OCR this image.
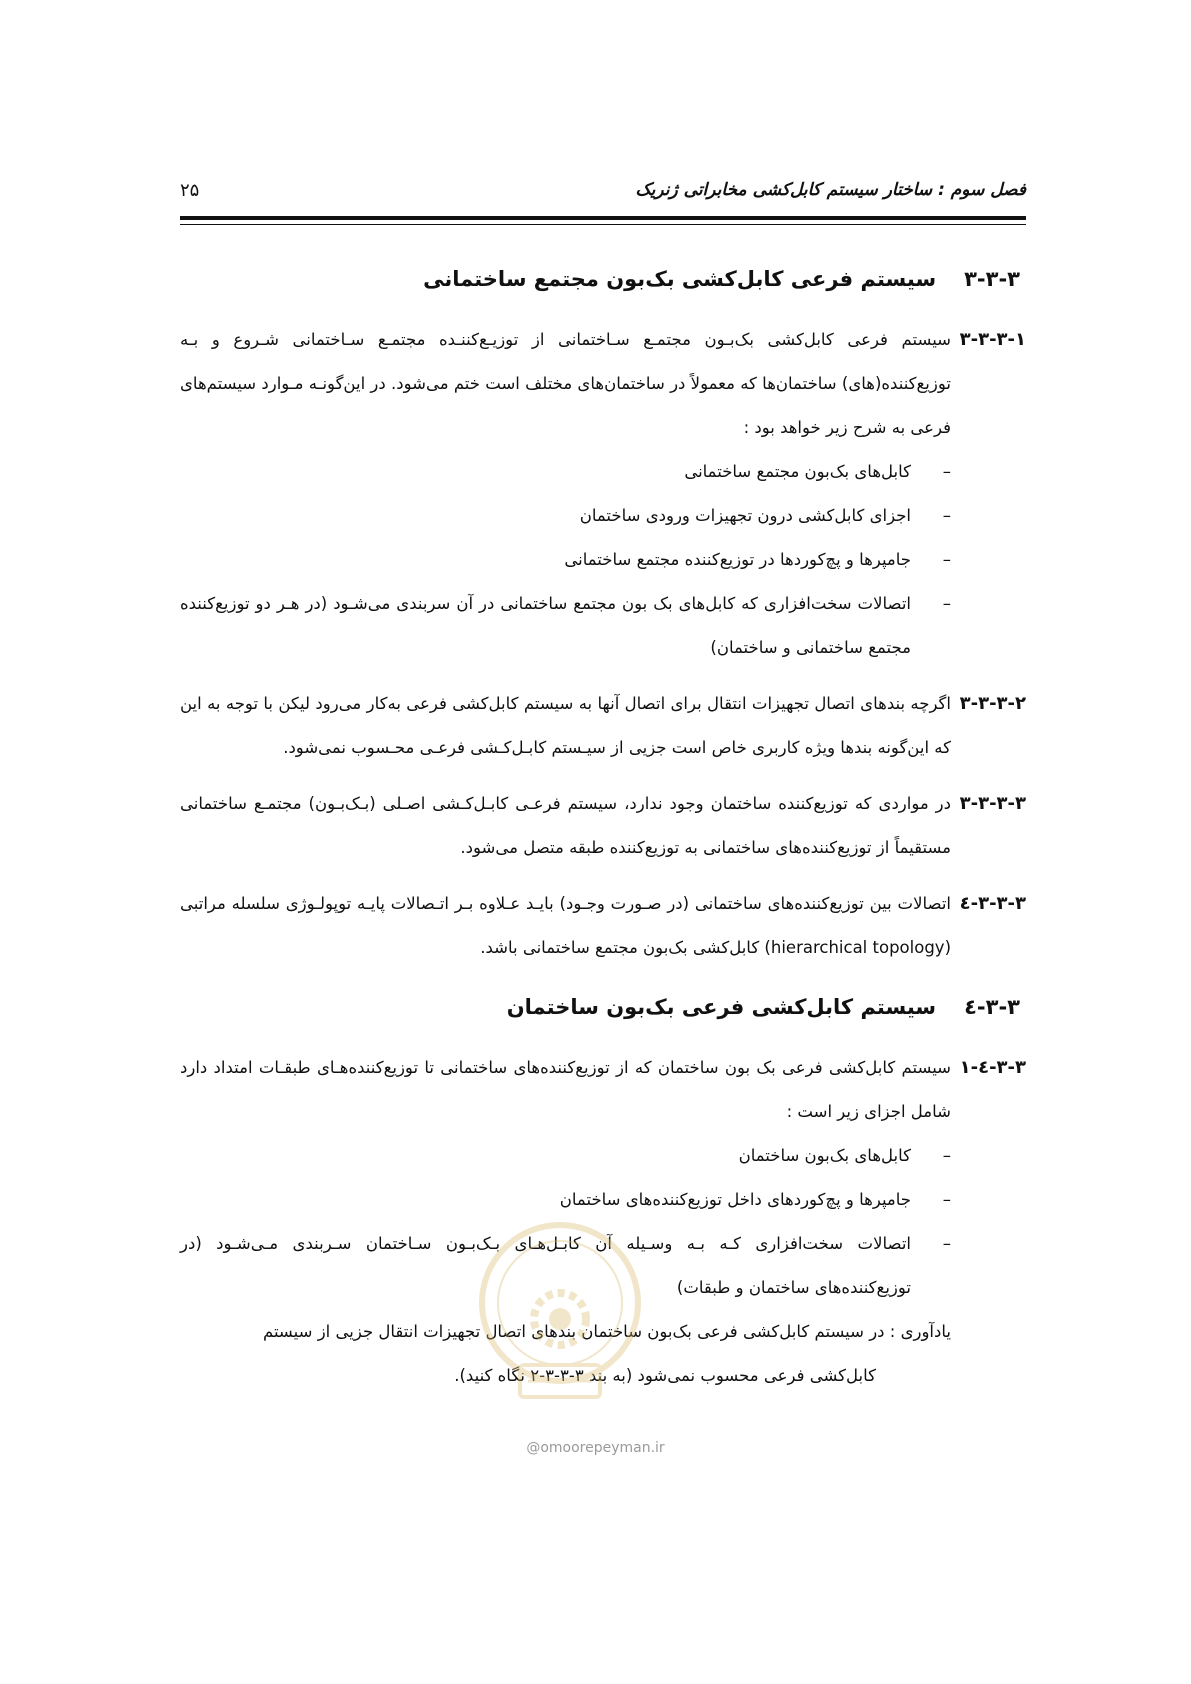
فصل سوم : ساختار سیستم کابل‌کشی مخابراتی ژنریک
۲۵
۳-۳-۳سیستم فرعی کابل‌کشی بک‌بون مجتمع ساختمانی
۳-۳-۳-۱
سیستم فرعی کابل‌کشی بک‌بـون مجتمـع سـاختمانی از توزیـع‌کننـده مجتمـع سـاختمانی شـروع و بـه توزیع‌کننده(های) ساختمان‌ها که معمولاً در ساختمان‌های مختلف است ختم می‌شود. در این‌گونـه مـوارد سیستم‌های فرعی به شرح زیر خواهد بود :
– کابل‌های بک‌بون مجتمع ساختمانی
– اجزای کابل‌کشی درون تجهیزات ورودی ساختمان
– جامپرها و پچ‌کوردها در توزیع‌کننده مجتمع ساختمانی
– اتصالات سخت‌افزاری که کابل‌های بک بون مجتمع ساختمانی در آن سربندی می‌شـود (در هـر دو توزیع‌کننده مجتمع ساختمانی و ساختمان)
۳-۳-۳-۲
اگرچه بندهای اتصال تجهیزات انتقال برای اتصال آنها به سیستم کابل‌کشی فرعی به‌کار می‌رود لیکن با توجه به این که این‌گونه بندها ویژه کاربری خاص است جزیی از سیـستم کابـل‌کـشی فرعـی محـسوب نمی‌شود.
۳-۳-۳-۳
در مواردی که توزیع‌کننده ساختمان وجود ندارد، سیستم فرعـی کابـل‌کـشی اصـلی (بـک‌بـون) مجتمـع ساختمانی مستقیماً از توزیع‌کننده‌های ساختمانی به توزیع‌کننده طبقه متصل می‌شود.
۳-۳-۳-٤
اتصالات بین توزیع‌کننده‌های ساختمانی (در صـورت وجـود) بایـد عـلاوه بـر اتـصالات پایـه توپولـوژی سلسله مراتبی (hierarchical topology) کابل‌کشی بک‌بون مجتمع ساختمانی باشد.
۳-۳-٤سیستم کابل‌کشی فرعی بک‌بون ساختمان
۳-۳-٤-۱
سیستم کابل‌کشی فرعی بک بون ساختمان که از توزیع‌کننده‌های ساختمانی تا توزیع‌کننده‌هـای طبقـات امتداد دارد شامل اجزای زیر است :
– کابل‌های بک‌بون ساختمان
– جامپرها و پچ‌کوردهای داخل توزیع‌کننده‌های ساختمان
– اتصالات سخت‌افزاری کـه بـه وسـیله آن کابـل‌هـای بـک‌بـون سـاختمان سـربندی مـی‌شـود (در توزیع‌کننده‌های ساختمان و طبقات)
یادآوری : در سیستم کابل‌کشی فرعی بک‌بون ساختمان بندهای اتصال تجهیزات انتقال جزیی از سیستم
کابل‌کشی فرعی محسوب نمی‌شود (به بند ۳-۳-۳-۲ نگاه کنید).
@omoorepeyman.ir
